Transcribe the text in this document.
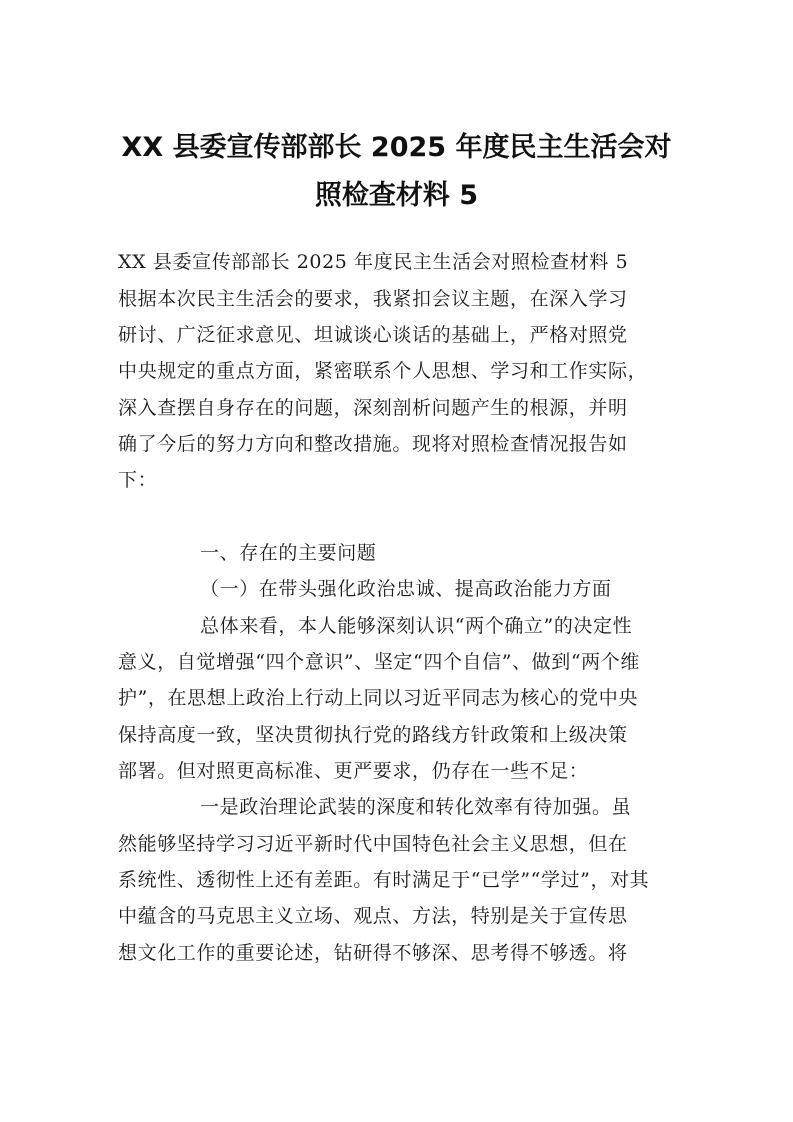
XX 县委宣传部部长 2025 年度民主生活会对
照检查材料 5
XX 县委宣传部部长 2025 年度民主生活会对照检查材料 5
根据本次民主生活会的要求，我紧扣会议主题，在深入学习
研讨、广泛征求意见、坦诚谈心谈话的基础上，严格对照党
中央规定的重点方面，紧密联系个人思想、学习和工作实际，
深入查摆自身存在的问题，深刻剖析问题产生的根源，并明
确了今后的努力方向和整改措施。现将对照检查情况报告如
下：
一、存在的主要问题
（一）在带头强化政治忠诚、提高政治能力方面
总体来看，本人能够深刻认识“两个确立”的决定性
意义，自觉增强“四个意识”、坚定“四个自信”、做到“两个维
护”，在思想上政治上行动上同以习近平同志为核心的党中央
保持高度一致，坚决贯彻执行党的路线方针政策和上级决策
部署。但对照更高标准、更严要求，仍存在一些不足：
一是政治理论武装的深度和转化效率有待加强。虽
然能够坚持学习习近平新时代中国特色社会主义思想，但在
系统性、透彻性上还有差距。有时满足于“已学”“学过”，对其
中蕴含的马克思主义立场、观点、方法，特别是关于宣传思
想文化工作的重要论述，钻研得不够深、思考得不够透。将
